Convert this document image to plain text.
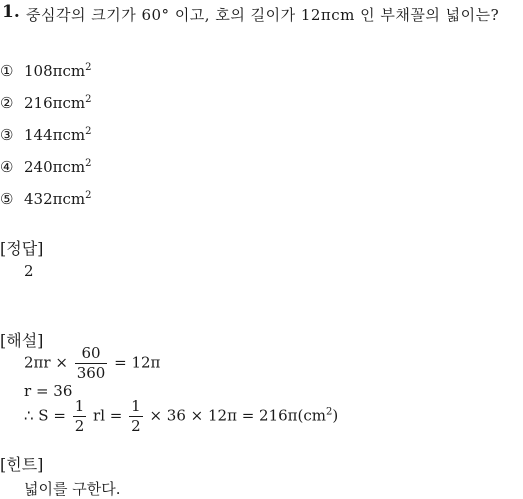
1. 중심각의 크기가 60° 이고, 호의 길이가 12πcm 인 부채꼴의 넓이는?
① 108πcm$^2$
② 216πcm$^2$
③ 144πcm$^2$
④ 240πcm$^2$
⑤ 432πcm$^2$
[정답]
2
[해설]
$2\pi r \times \frac{60}{360} = 12\pi$
r = 36
∴ $S = \frac{1}{2}$ rl = $\frac{1}{2} \times 36 \times 12\pi = 216\pi(cm^2)$
[힌트]
넓이를 구한다.
